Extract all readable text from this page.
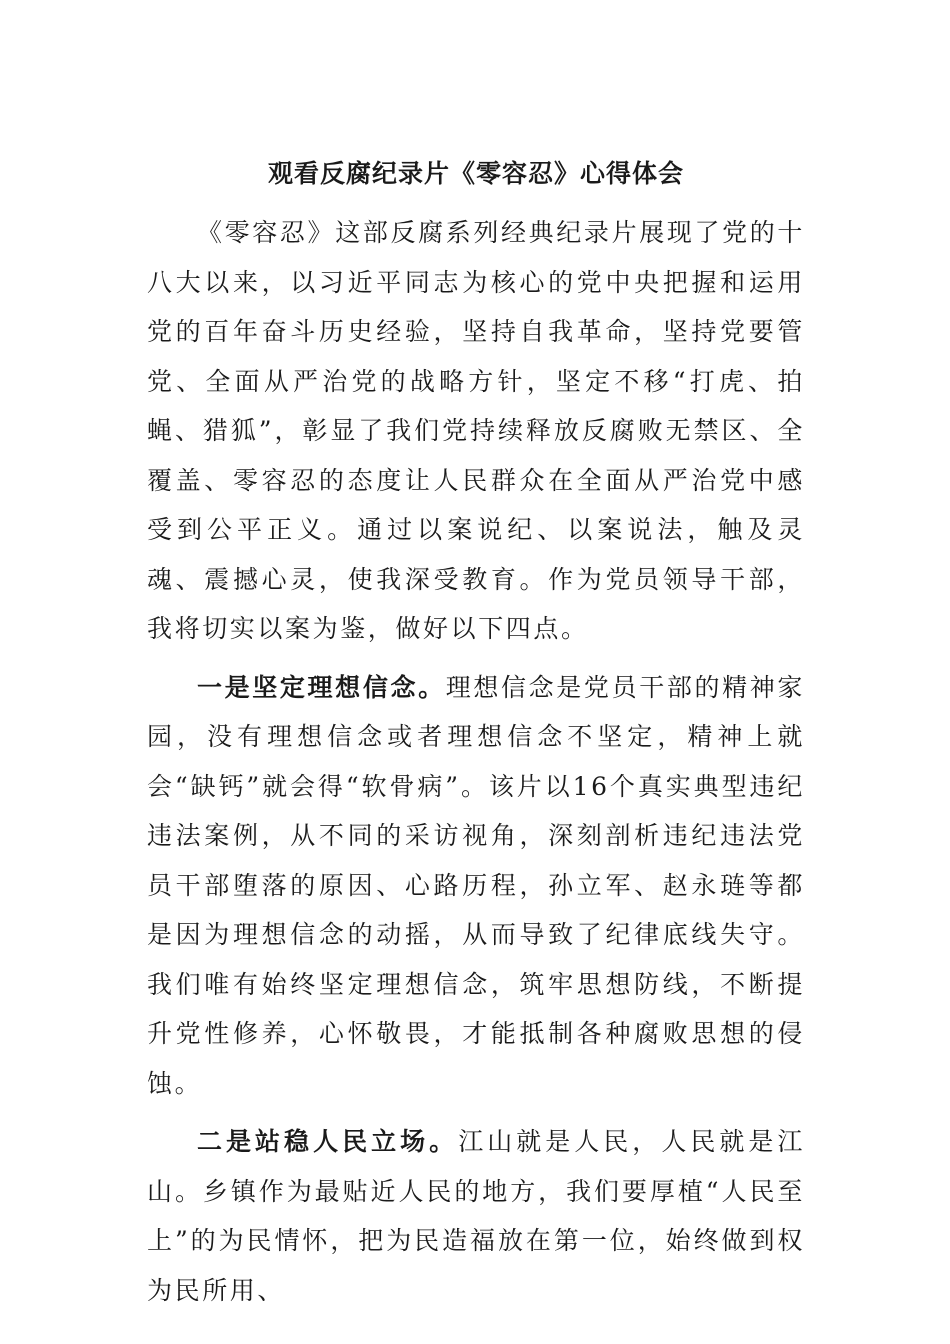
观看反腐纪录片《零容忍》心得体会

《零容忍》这部反腐系列经典纪录片展现了党的十八大以来，以习近平同志为核心的党中央把握和运用党的百年奋斗历史经验，坚持自我革命，坚持党要管党、全面从严治党的战略方针，坚定不移“打虎、拍蝇、猎狐”，彰显了我们党持续释放反腐败无禁区、全覆盖、零容忍的态度让人民群众在全面从严治党中感受到公平正义。通过以案说纪、以案说法，触及灵魂、震撼心灵，使我深受教育。作为党员领导干部，我将切实以案为鉴，做好以下四点。

一是坚定理想信念。理想信念是党员干部的精神家园，没有理想信念或者理想信念不坚定，精神上就会“缺钙”就会得“软骨病”。该片以16个真实典型违纪违法案例，从不同的采访视角，深刻剖析违纪违法党员干部堕落的原因、心路历程，孙立军、赵永琏等都是因为理想信念的动摇，从而导致了纪律底线失守。我们唯有始终坚定理想信念，筑牢思想防线，不断提升党性修养，心怀敬畏，才能抵制各种腐败思想的侵蚀。

二是站稳人民立场。江山就是人民，人民就是江山。乡镇作为最贴近人民的地方，我们要厚植“人民至上”的为民情怀，把为民造福放在第一位，始终做到权为民所用、
